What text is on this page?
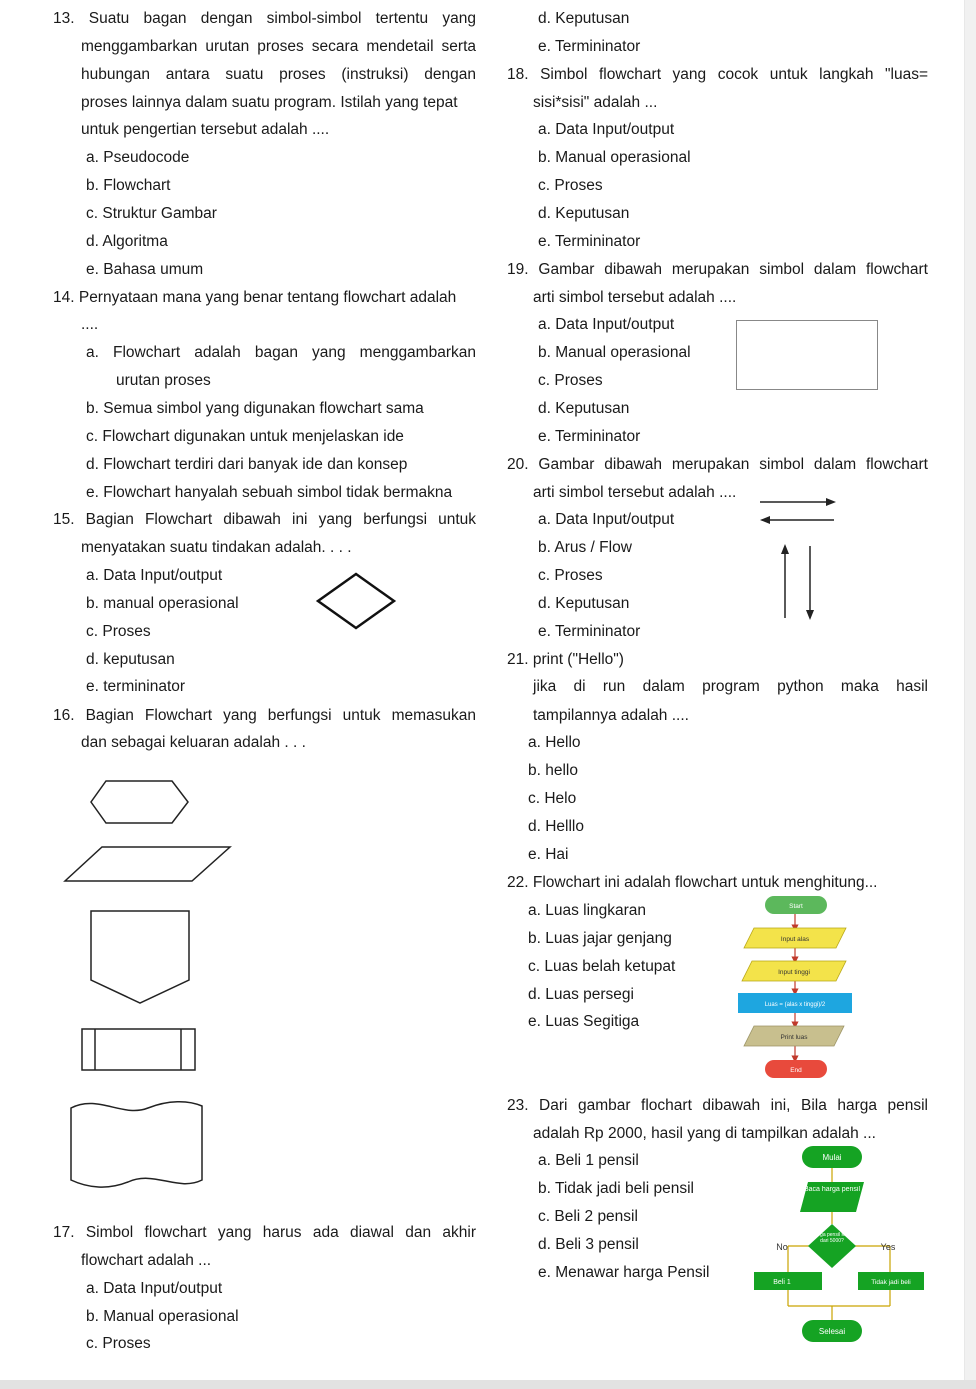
13. Suatu bagan dengan simbol-simbol tertentu yang
menggambarkan urutan proses secara mendetail serta
hubungan antara suatu proses (instruksi) dengan
proses lainnya dalam suatu program. Istilah yang tepat
untuk pengertian tersebut adalah ....
a. Pseudocode
b. Flowchart
c. Struktur Gambar
d. Algoritma
e. Bahasa umum
14. Pernyataan mana yang benar tentang flowchart adalah
....
a. Flowchart adalah bagan yang menggambarkan
urutan proses
b. Semua simbol yang digunakan flowchart sama
c. Flowchart digunakan untuk menjelaskan ide
d. Flowchart terdiri dari banyak ide dan konsep
e. Flowchart hanyalah sebuah simbol tidak bermakna
15. Bagian Flowchart dibawah ini yang berfungsi untuk
menyatakan suatu tindakan adalah. . . .
a. Data Input/output
b. manual operasional
c. Proses
d. keputusan
e. termininator
16. Bagian Flowchart yang berfungsi untuk memasukan
dan sebagai keluaran adalah . . .
17. Simbol flowchart yang harus ada diawal dan akhir
flowchart adalah ...
a. Data Input/output
b. Manual operasional
c. Proses
d. Keputusan
e. Termininator
18. Simbol flowchart yang cocok untuk langkah "luas=
sisi*sisi" adalah ...
a. Data Input/output
b. Manual operasional
c. Proses
d. Keputusan
e. Termininator
19. Gambar dibawah merupakan simbol dalam flowchart
arti simbol tersebut adalah ....
a. Data Input/output
b. Manual operasional
c. Proses
d. Keputusan
e. Termininator
20. Gambar dibawah merupakan simbol dalam flowchart
arti simbol tersebut adalah ....
a. Data Input/output
b. Arus / Flow
c. Proses
d. Keputusan
e. Termininator
21. print ("Hello")
jika di run dalam program python maka hasil
tampilannya adalah ....
a. Hello
b. hello
c. Helo
d. Helllo
e. Hai
22. Flowchart ini adalah flowchart untuk menghitung...
a. Luas lingkaran
b. Luas jajar genjang
c. Luas belah ketupat
d. Luas persegi
e. Luas Segitiga
Start
Input alas
Input tinggi
Luas = (alas x tinggi)/2
Print luas
End
23. Dari gambar flochart dibawah ini, Bila harga pensil
adalah Rp 2000, hasil yang di tampilkan adalah ...
a. Beli 1 pensil
b. Tidak jadi beli pensil
c. Beli 2 pensil
d. Beli 3 pensil
e. Menawar harga Pensil
Mulai
Baca harga pensil
Harga pensil lebih dari 5000?
No	Yes
Beli 1	Tidak jadi beli
Selesai
